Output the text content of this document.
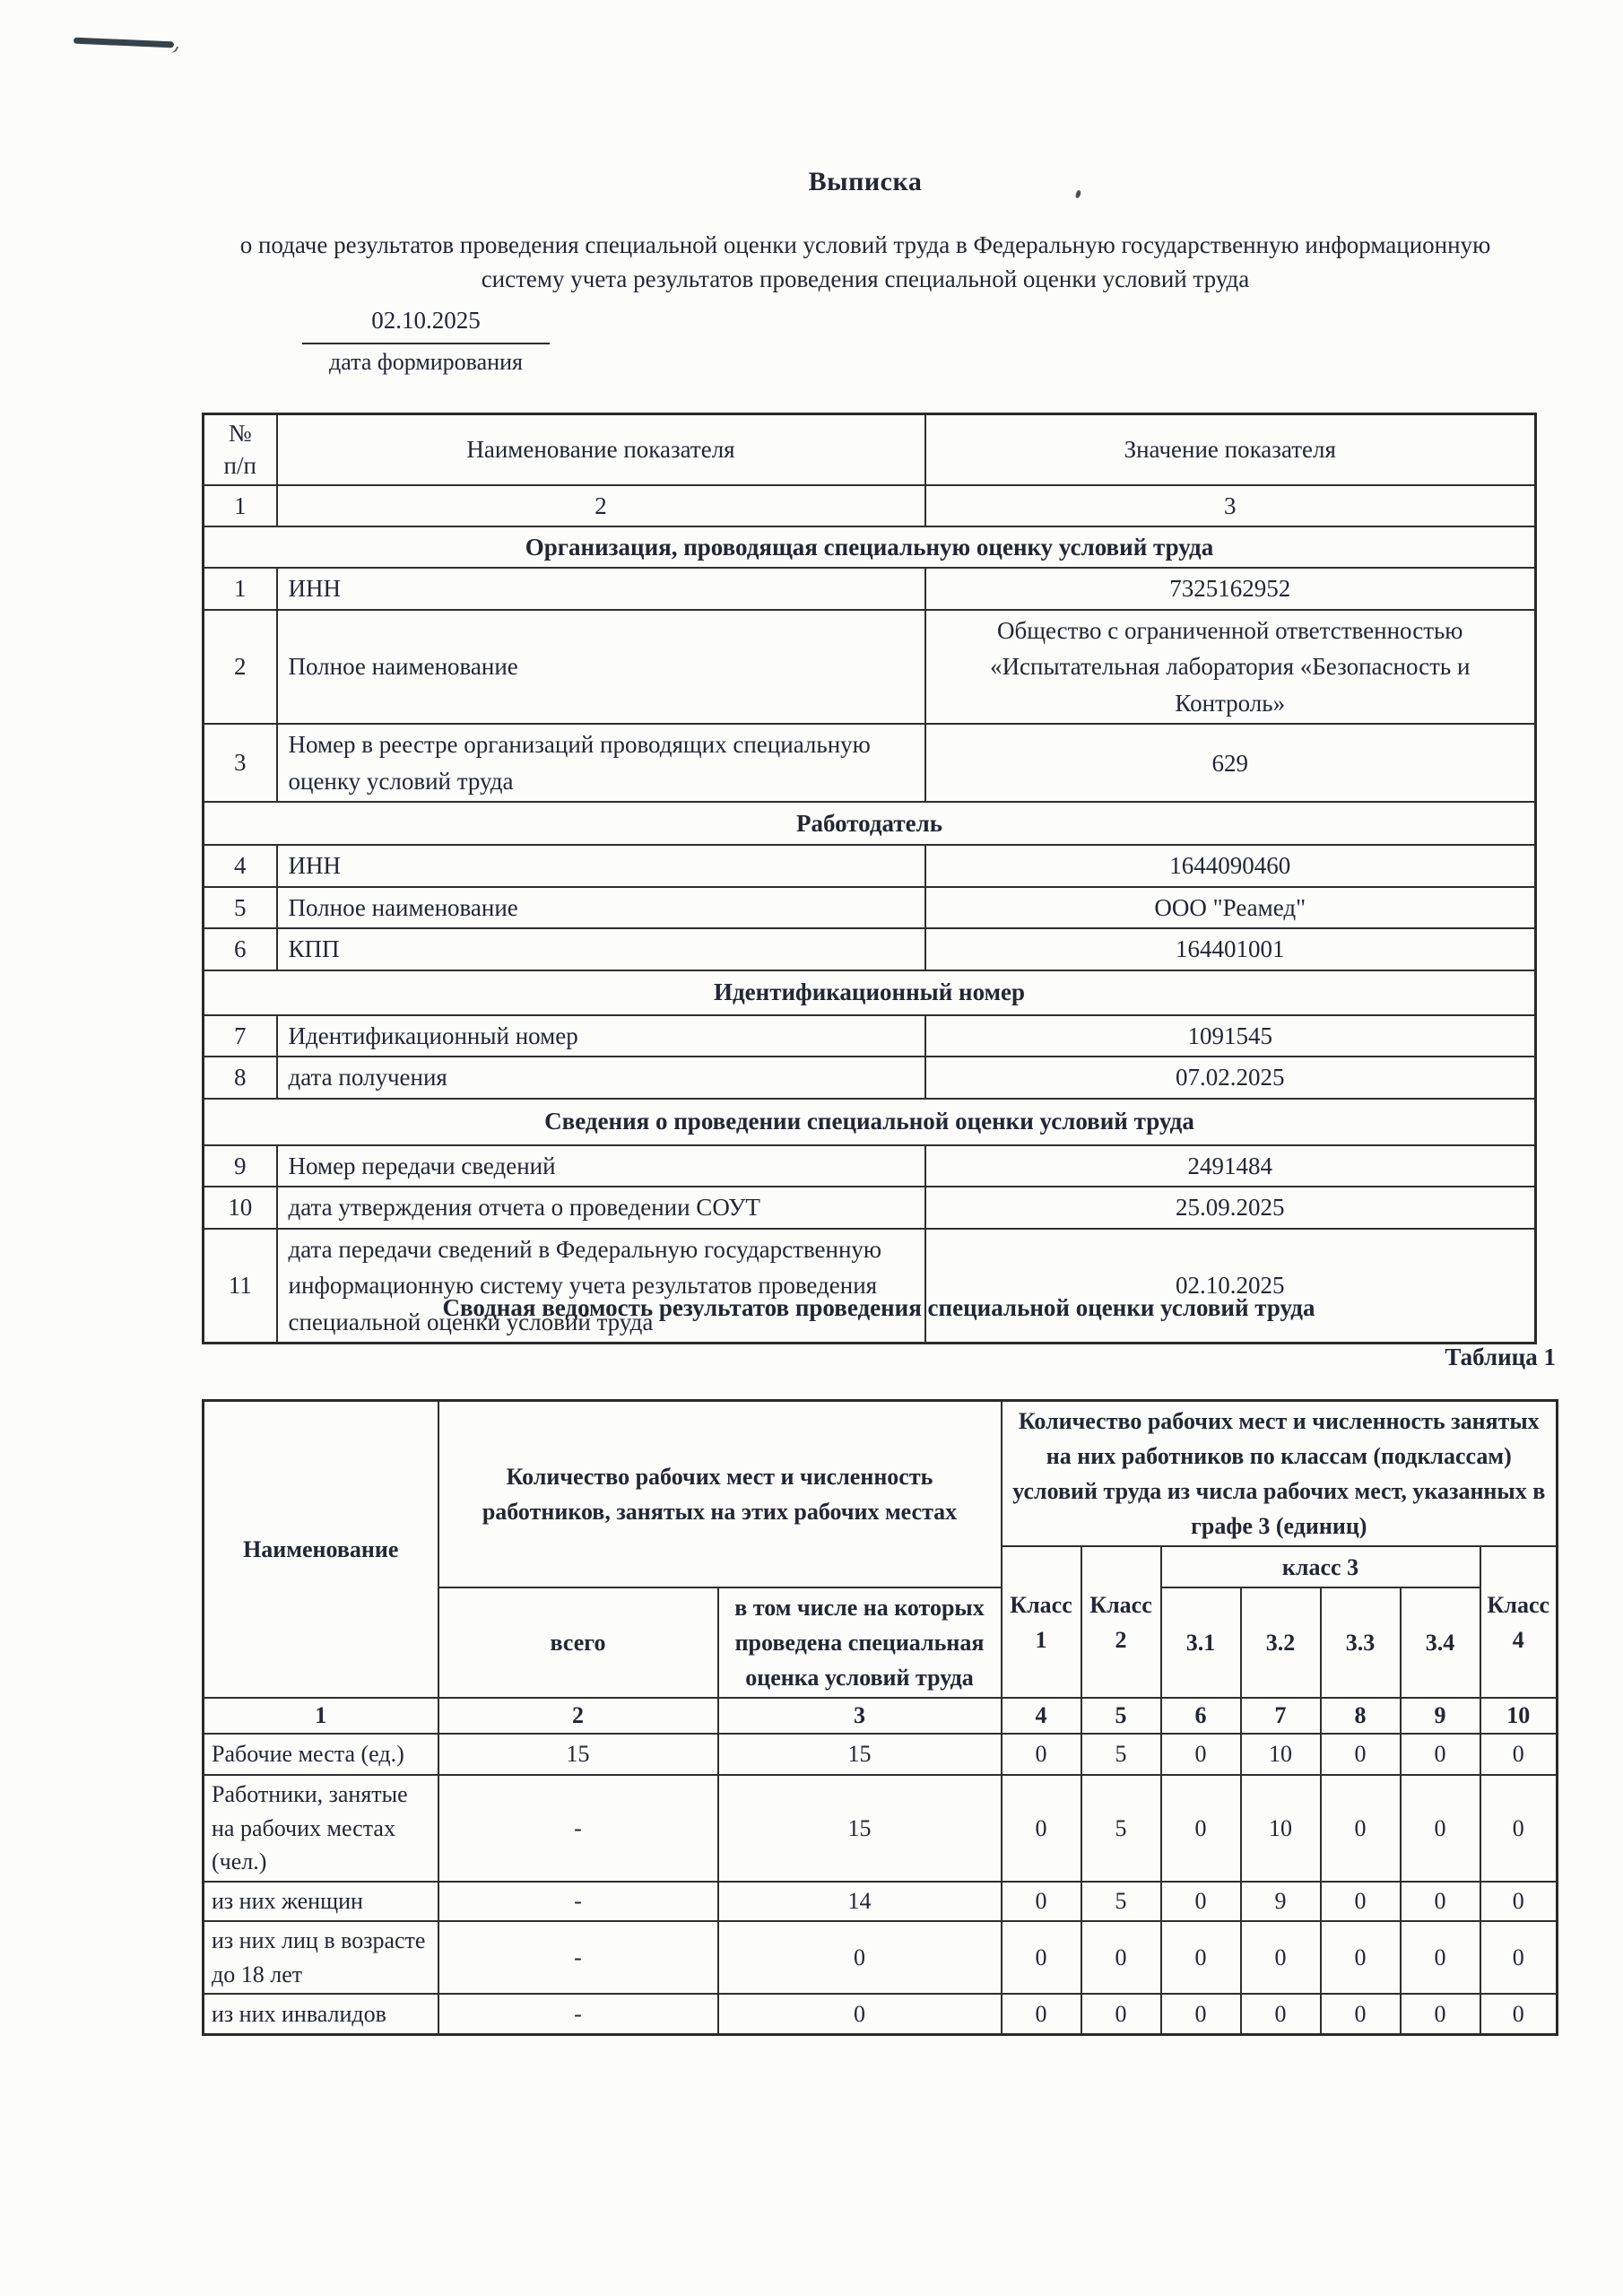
Выписка
о подаче результатов проведения специальной оценки условий труда в Федеральную государственную информационную
систему учета результатов проведения специальной оценки условий труда
02.10.2025
дата формирования
№
п/п	Наименование показателя	Значение показателя
1	2	3
Организация, проводящая специальную оценку условий труда		
1	ИНН	7325162952
2	Полное наименование	Общество с ограниченной ответственностью «Испытательная лаборатория «Безопасность и Контроль»
3	Номер в реестре организаций проводящих специальную оценку условий труда	629
Работодатель		
4	ИНН	1644090460
5	Полное наименование	ООО "Реамед"
6	КПП	164401001
Идентификационный номер		
7	Идентификационный номер	1091545
8	дата получения	07.02.2025
Сведения о проведении специальной оценки условий труда		
9	Номер передачи сведений	2491484
10	дата утверждения отчета о проведении СОУТ	25.09.2025
11	дата передачи сведений в Федеральную государственную информационную систему учета результатов проведения специальной оценки условий труда	02.10.2025
Сводная ведомость результатов проведения специальной оценки условий труда
Таблица 1
Наименование	Количество рабочих мест и численность работников, занятых на этих рабочих местах		Количество рабочих мест и численность занятых на них работников по классам (подклассам) условий труда из числа рабочих мест, указанных в графе 3 (единиц)						
			Класс 1	Класс 2	класс 3				Класс 4
	всего	в том числе на которых проведена специальная оценка условий труда			3.1	3.2	3.3	3.4	
1	2	3	4	5	6	7	8	9	10
Рабочие места (ед.)	15	15	0	5	0	10	0	0	0
Работники, занятые на рабочих местах (чел.)	-	15	0	5	0	10	0	0	0
из них женщин	-	14	0	5	0	9	0	0	0
из них лиц в возрасте до 18 лет	-	0	0	0	0	0	0	0	0
из них инвалидов	-	0	0	0	0	0	0	0	0
